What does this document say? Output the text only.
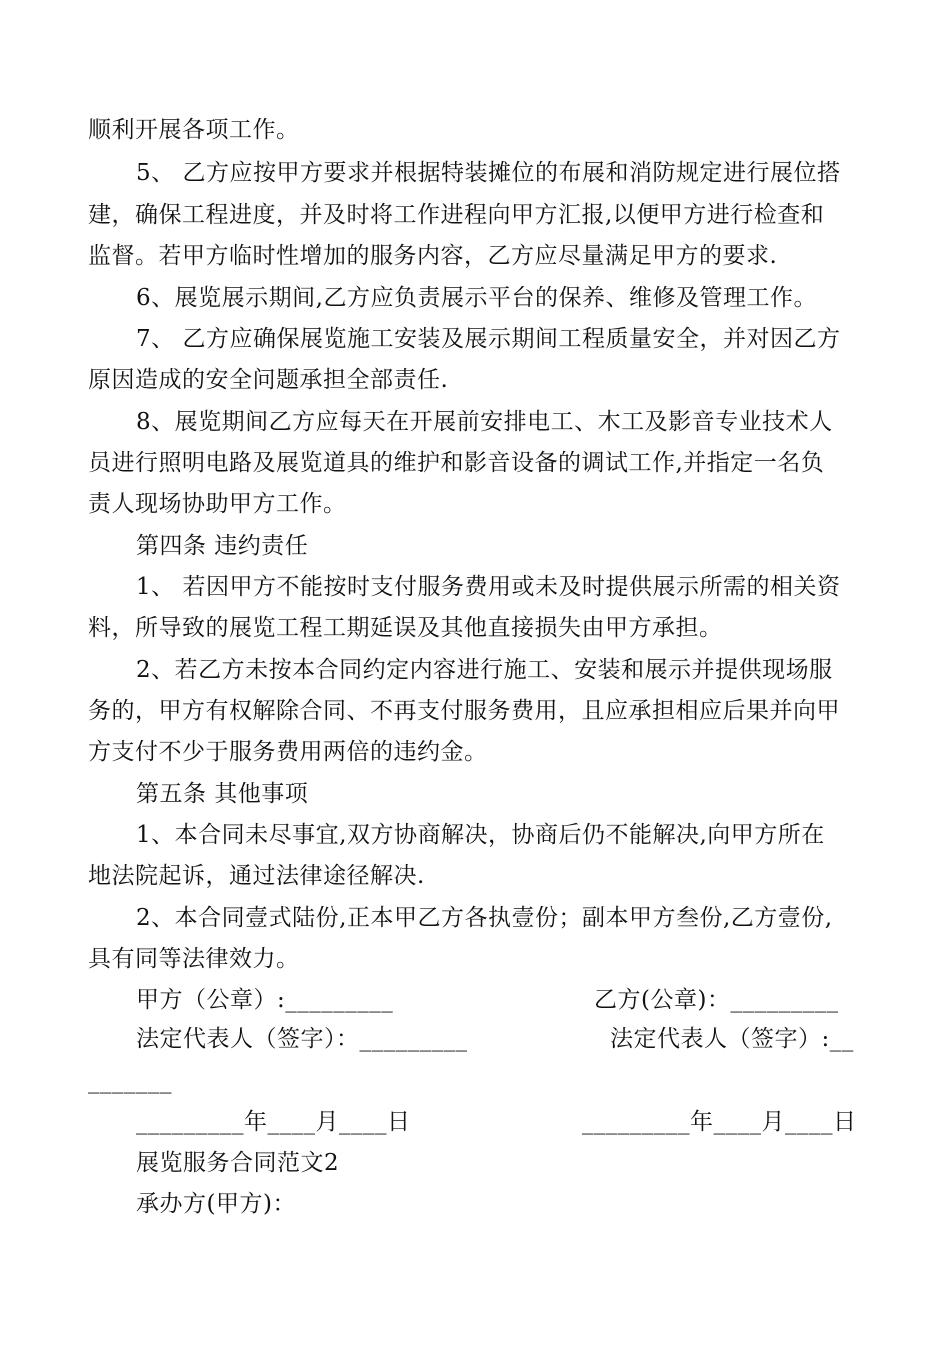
顺利开展各项工作。
5、 乙方应按甲方要求并根据特装摊位的布展和消防规定进行展位搭
建，确保工程进度，并及时将工作进程向甲方汇报,以便甲方进行检查和
监督。若甲方临时性增加的服务内容，乙方应尽量满足甲方的要求.
6、展览展示期间,乙方应负责展示平台的保养、维修及管理工作。
7、 乙方应确保展览施工安装及展示期间工程质量安全，并对因乙方
原因造成的安全问题承担全部责任.
8、展览期间乙方应每天在开展前安排电工、木工及影音专业技术人
员进行照明电路及展览道具的维护和影音设备的调试工作,并指定一名负
责人现场协助甲方工作。
第四条 违约责任
1、 若因甲方不能按时支付服务费用或未及时提供展示所需的相关资
料，所导致的展览工程工期延误及其他直接损失由甲方承担。
2、若乙方未按本合同约定内容进行施工、安装和展示并提供现场服
务的，甲方有权解除合同、不再支付服务费用，且应承担相应后果并向甲
方支付不少于服务费用两倍的违约金。
第五条 其他事项
1、本合同未尽事宜,双方协商解决，协商后仍不能解决,向甲方所在
地法院起诉，通过法律途径解决.
2、本合同壹式陆份,正本甲乙方各执壹份；副本甲方叁份,乙方壹份,
具有同等法律效力。
甲方（公章）:_________	乙方(公章)：_________
法定代表人（签字）：_________	法定代表人（签字）:__
_______
_________年____月____日	_________年____月____日
展览服务合同范文2
承办方(甲方)：
